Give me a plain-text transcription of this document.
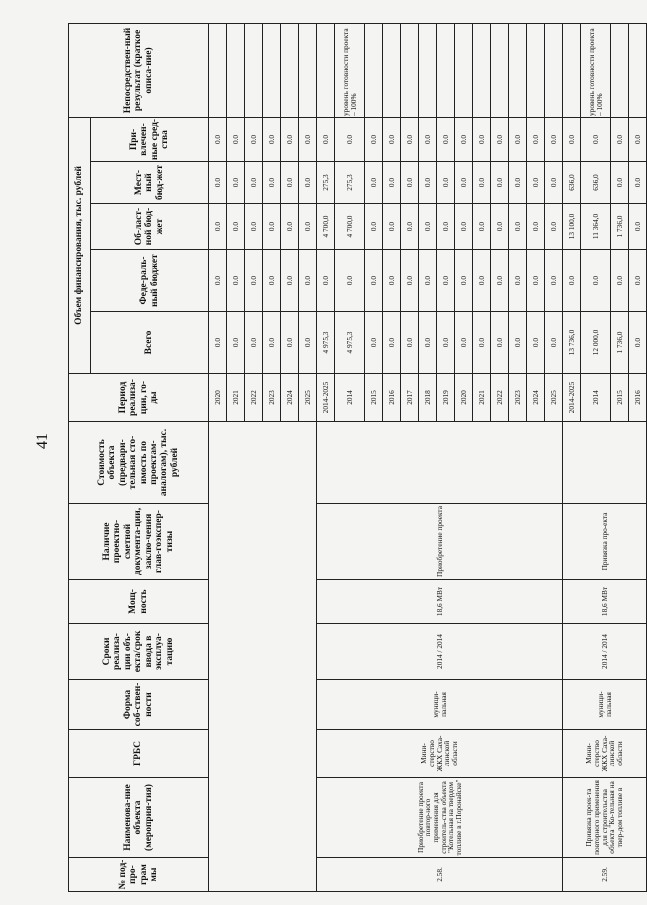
41
№ под-про-грам мы	Наименова-ние объекта (мероприя-тия)	ГРБС	Форма соб-ствен-ности	Сроки реализа-ции объ-екта/срок ввода в эксплуа-тацию	Мощ-ность	Наличие проектно-сметной документа-ции, заклю-чения глав-гоэкспер-тизы	Стоимость объекта (предвари-тельная сто-имость по проектам-аналогам), тыс. рублей	Период реализа-ции, го-ды	Объем финансирования, тыс. рублей					Непосредствен-ный результат (краткое описа-ние)
									Всего	Феде-раль-ный бюджет	Об-ласт-ной бюд-жет	Мест-ный бюд-жет	При-влечен-ные сред-ства	
								2020	0.0	0.0	0.0	0.0	0.0	
								2021	0.0	0.0	0.0	0.0	0.0	
								2022	0.0	0.0	0.0	0.0	0.0	
								2023	0.0	0.0	0.0	0.0	0.0	
								2024	0.0	0.0	0.0	0.0	0.0	
								2025	0.0	0.0	0.0	0.0	0.0	
2.58.	Приобретение проекта повтор-ного применения для строитель-ства объекта "Котельная на твердом топливе в г.Поронайске"	Мини-стерство ЖКХ Саха-линской области	муници-пальная	2014 / 2014	18,6 МВт	Приобретение проекта		2014-2025	4 975,3	0.0	4 700,0	275,3	0.0	
								2014	4 975,3	0.0	4 700,0	275,3	0.0	уровень готовности проекта – 100%
								2015	0.0	0.0	0.0	0.0	0.0	
								2016	0.0	0.0	0.0	0.0	0.0	
								2017	0.0	0.0	0.0	0.0	0.0	
								2018	0.0	0.0	0.0	0.0	0.0	
								2019	0.0	0.0	0.0	0.0	0.0	
								2020	0.0	0.0	0.0	0.0	0.0	
								2021	0.0	0.0	0.0	0.0	0.0	
								2022	0.0	0.0	0.0	0.0	0.0	
								2023	0.0	0.0	0.0	0.0	0.0	
								2024	0.0	0.0	0.0	0.0	0.0	
								2025	0.0	0.0	0.0	0.0	0.0	
2.59.	Привязка проек-та повторного применения для строительства объекта "Ко-тельная на твер-дом топливе в	Мини-стерство ЖКХ Саха-линской области	муници-пальная	2014 / 2014	18,6 МВт	Привязка про-екта		2014-2025	13 736,0	0.0	13 100,0	636,0	0.0	
								2014	12 000,0	0.0	11 364,0	636,0	0.0	уровень готовности проекта – 100%
								2015	1 736,0	0.0	1 736,0	0.0	0.0	
								2016	0.0	0.0	0.0	0.0	0.0	
